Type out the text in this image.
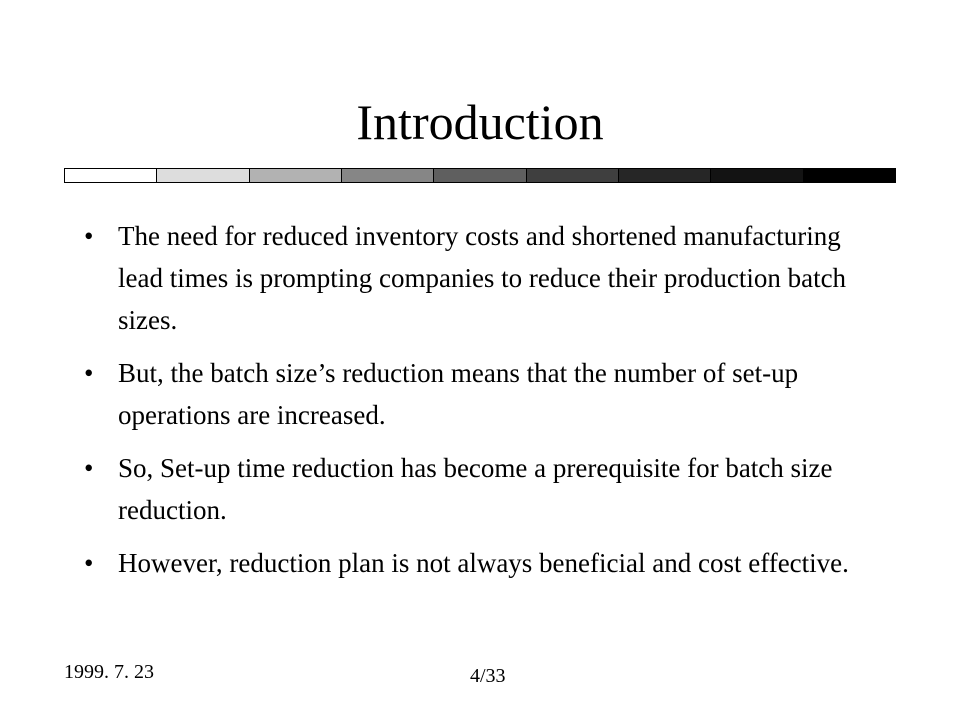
Introduction
• The need for reduced inventory costs and shortened manufacturing lead times is prompting companies to reduce their production batch sizes.
• But, the batch size’s reduction means that the number of set-up operations are increased.
• So, Set-up time reduction has become a prerequisite for batch size reduction.
• However, reduction plan is not always beneficial and cost effective.
1999. 7. 23	4/33
